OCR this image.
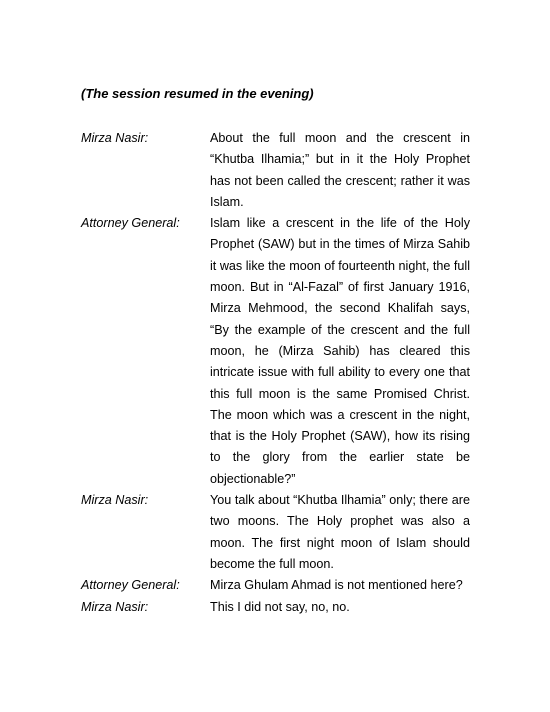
(The session resumed in the evening)
Mirza Nasir:	About the full moon and the crescent in “Khutba Ilhamia;” but in it the Holy Prophet has not been called the crescent; rather it was Islam.
Attorney General:	Islam like a crescent in the life of the Holy Prophet (SAW) but in the times of Mirza Sahib it was like the moon of fourteenth night, the full moon. But in “Al-Fazal” of first January 1916, Mirza Mehmood, the second Khalifah says, “By the example of the crescent and the full moon, he (Mirza Sahib) has cleared this intricate issue with full ability to every one that this full moon is the same Promised Christ. The moon which was a crescent in the night, that is the Holy Prophet (SAW), how its rising to the glory from the earlier state be objectionable?”
Mirza Nasir:	You talk about “Khutba Ilhamia” only; there are two moons. The Holy prophet was also a moon. The first night moon of Islam should become the full moon.
Attorney General:	Mirza Ghulam Ahmad is not mentioned here?
Mirza Nasir:	This I did not say, no, no.
